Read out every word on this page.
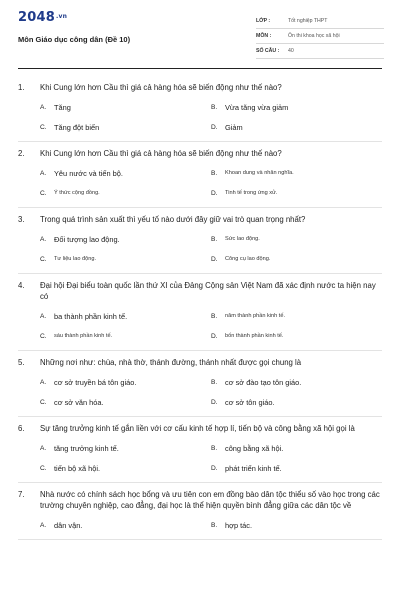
$2048^{.vn}$
Môn Giáo dục công dân (Đề 10)
LỚP :	Tốt nghiệp THPT
MÔN :	Ôn thi khoa học xã hội
SỐ CÂU :	40
1.	Khi Cung lớn hơn Cầu thì giá cả hàng hóa sẽ biến động như thế nào?
A.	Tăng	B.	Vừa tăng vừa giảm
C.	Tăng đột biến	D.	Giảm
2.	Khi Cung lớn hơn Cầu thì giá cả hàng hóa sẽ biến động như thế nào?
A.	Yêu nước và tiến bộ.	B.	Khoan dung và nhân nghĩa.
C.	Ý thức cộng đồng.	D.	Tinh tế trong ứng xử.
3.	Trong quá trình sản xuất thì yếu tố nào dưới đây giữ vai trò quan trọng nhất?
A.	Đối tượng lao động.	B.	Sức lao động.
C.	Tư liệu lao động.	D.	Công cụ lao động.
4.	Đại hội Đại biểu toàn quốc lần thứ XI của Đảng Cộng sản Việt Nam đã xác định nước ta hiện nay có
A.	ba thành phần kinh tế.	B.	năm thành phần kinh tế.
C.	sáu thành phần kinh tế.	D.	bốn thành phần kinh tế.
5.	Những nơi như: chùa, nhà thờ, thánh đường, thánh nhất được gọi chung là
A.	cơ sở truyền bá tôn giáo.	B.	cơ sở đào tạo tôn giáo.
C.	cơ sở văn hóa.	D.	cơ sở tôn giáo.
6.	Sự tăng trưởng kinh tế gắn liền với cơ cấu kinh tế hợp lí, tiến bộ và công bằng xã hội gọi là
A.	tăng trưởng kinh tế.	B.	công bằng xã hội.
C.	tiến bộ xã hội.	D.	phát triển kinh tế.
7.	Nhà nước có chính sách học bổng và ưu tiên con em đồng bào dân tộc thiểu số vào học trong các trường chuyên nghiệp, cao đẳng, đại học là thể hiện quyền bình đẳng giữa các dân tộc về
A.	dân vận.	B.	hợp tác.
